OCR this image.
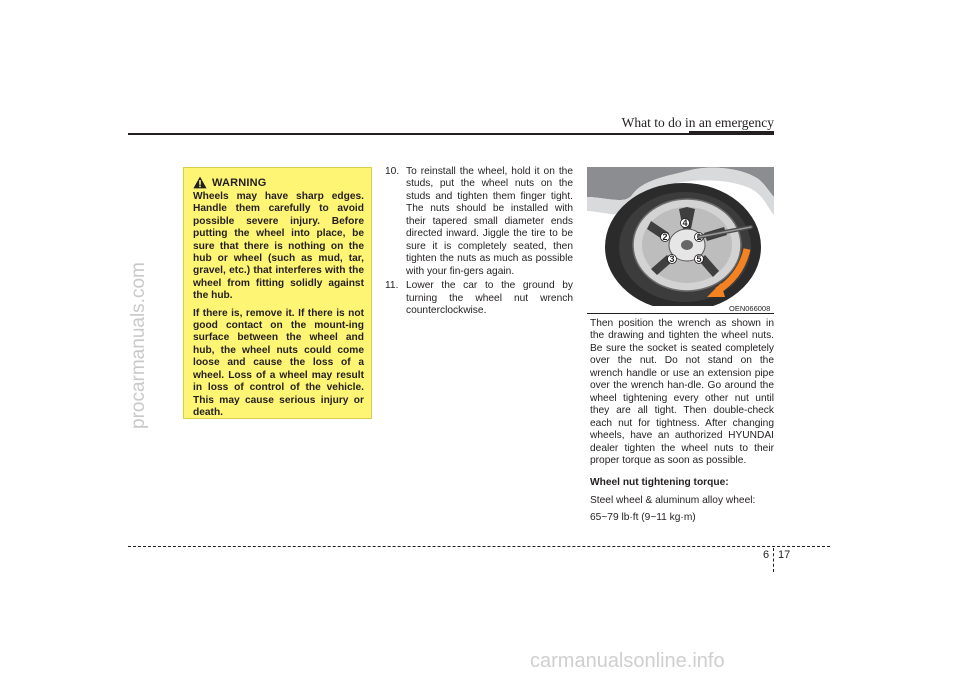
procarmanuals.com
What to do in an emergency
WARNING

Wheels may have sharp edges. Handle them carefully to avoid possible severe injury. Before putting the wheel into place, be sure that there is nothing on the hub or wheel (such as mud, tar, gravel, etc.) that interferes with the wheel from fitting solidly against the hub.

If there is, remove it. If there is not good contact on the mount-ing surface between the wheel and hub, the wheel nuts could come loose and cause the loss of a wheel. Loss of a wheel may result in loss of control of the vehicle. This may cause serious injury or death.

10. To reinstall the wheel, hold it on the studs, put the wheel nuts on the studs and tighten them finger tight. The nuts should be installed with their tapered small diameter ends directed inward. Jiggle the tire to be sure it is completely seated, then tighten the nuts as much as possible with your fin-gers again.
11. Lower the car to the ground by turning the wheel nut wrench counterclockwise.
2
3
4
5
OEN066008

Then position the wrench as shown in the drawing and tighten the wheel nuts. Be sure the socket is seated completely over the nut. Do not stand on the wrench handle or use an extension pipe over the wrench han-dle. Go around the wheel tightening every other nut until they are all tight. Then double-check each nut for tightness. After changing wheels, have an authorized HYUNDAI dealer tighten the wheel nuts to their proper torque as soon as possible.

Wheel nut tightening torque:

Steel wheel & aluminum alloy wheel:

65~79 lb·ft (9~11 kg·m)

6 17
carmanualsonline.info
